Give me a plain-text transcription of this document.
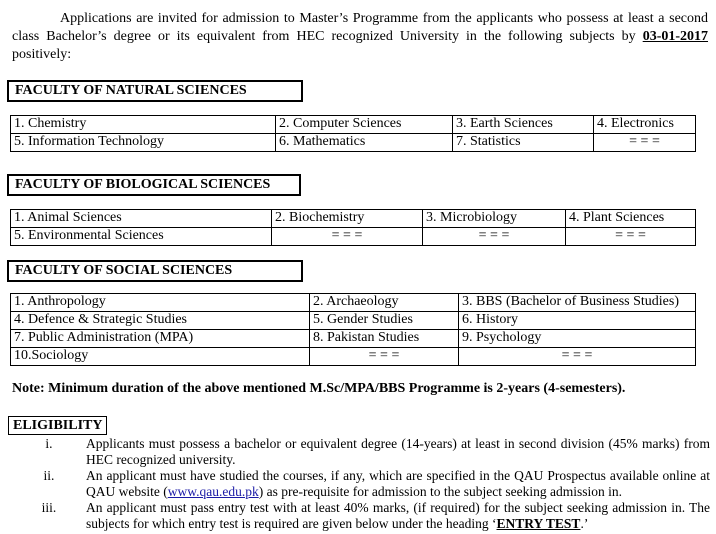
Applications are invited for admission to Master’s Programme from the applicants who possess at least a second class Bachelor’s degree or its equivalent from HEC recognized University in the following subjects by 03-01-2017 positively:
FACULTY OF NATURAL SCIENCES
1. Chemistry	2. Computer Sciences	3. Earth Sciences	4. Electronics
5. Information Technology	6. Mathematics	7. Statistics	= = =
FACULTY OF BIOLOGICAL SCIENCES
1. Animal Sciences	2. Biochemistry	3. Microbiology	4. Plant Sciences
5. Environmental Sciences	= = =	= = =	= = =
FACULTY OF SOCIAL SCIENCES
1. Anthropology	2. Archaeology	3. BBS (Bachelor of Business Studies)
4. Defence & Strategic Studies	5. Gender Studies	6. History
7. Public Administration (MPA)	8. Pakistan Studies	9. Psychology
10.Sociology	= = =	= = =
Note: Minimum duration of the above mentioned M.Sc/MPA/BBS Programme is 2-years (4-semesters).
ELIGIBILITY
i.	Applicants must possess a bachelor or equivalent degree (14-years) at least in second division (45% marks) from HEC recognized university.
ii.	An applicant must have studied the courses, if any, which are specified in the QAU Prospectus available online at QAU website (www.qau.edu.pk) as pre-requisite for admission to the subject seeking admission in.
iii.	An applicant must pass entry test with at least 40% marks, (if required) for the subject seeking admission in. The subjects for which entry test is required are given below under the heading ‘ENTRY TEST.’
